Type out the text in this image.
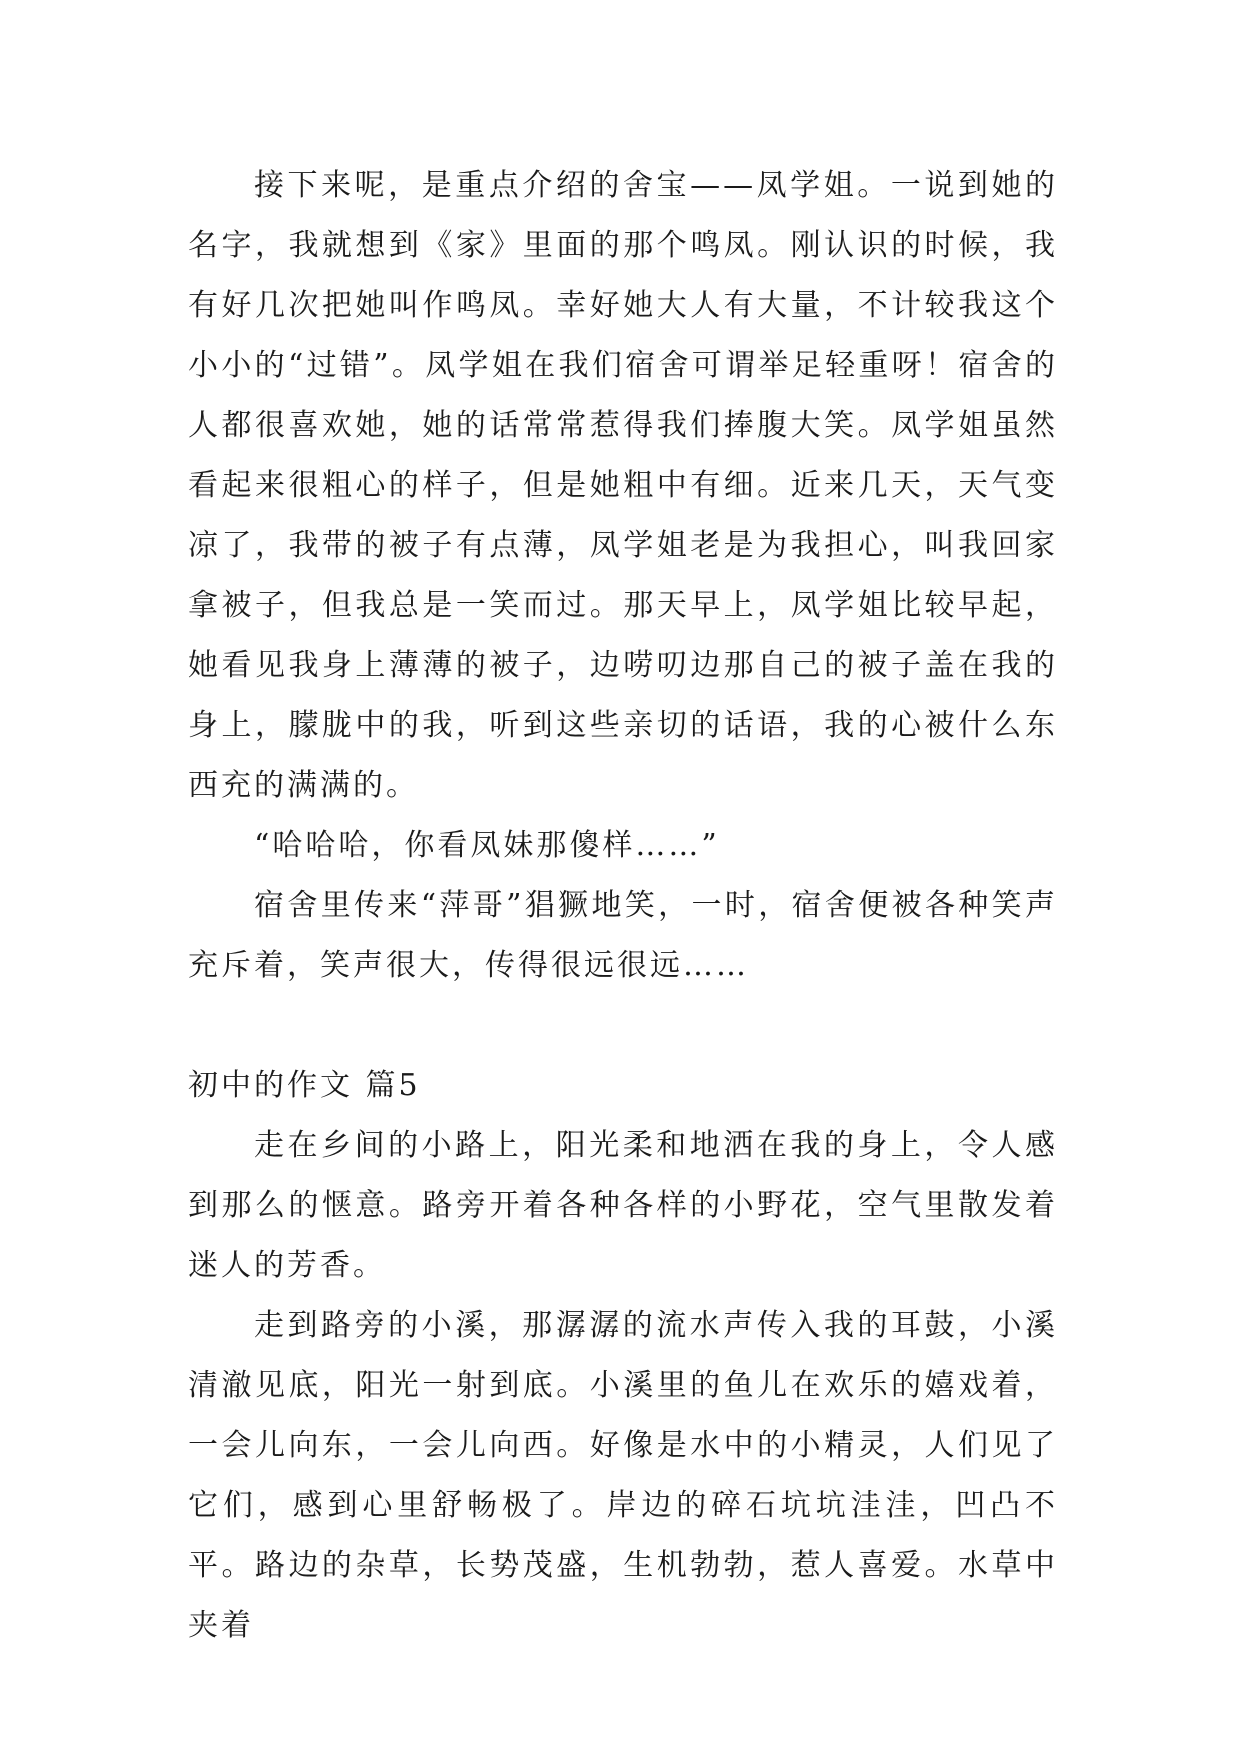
接下来呢，是重点介绍的舍宝——凤学姐。一说到她的名字，我就想到《家》里面的那个鸣凤。刚认识的时候，我有好几次把她叫作鸣凤。幸好她大人有大量，不计较我这个小小的“过错”。凤学姐在我们宿舍可谓举足轻重呀！宿舍的人都很喜欢她，她的话常常惹得我们捧腹大笑。凤学姐虽然看起来很粗心的样子，但是她粗中有细。近来几天，天气变凉了，我带的被子有点薄，凤学姐老是为我担心，叫我回家拿被子，但我总是一笑而过。那天早上，凤学姐比较早起，她看见我身上薄薄的被子，边唠叨边那自己的被子盖在我的身上，朦胧中的我，听到这些亲切的话语，我的心被什么东西充的满满的。

“哈哈哈，你看凤妹那傻样……”

宿舍里传来“萍哥”猖獗地笑，一时，宿舍便被各种笑声充斥着，笑声很大，传得很远很远……

初中的作文 篇5

走在乡间的小路上，阳光柔和地洒在我的身上，令人感到那么的惬意。路旁开着各种各样的小野花，空气里散发着迷人的芳香。

走到路旁的小溪，那潺潺的流水声传入我的耳鼓，小溪清澈见底，阳光一射到底。小溪里的鱼儿在欢乐的嬉戏着，一会儿向东，一会儿向西。好像是水中的小精灵，人们见了它们，感到心里舒畅极了。岸边的碎石坑坑洼洼，凹凸不平。路边的杂草，长势茂盛，生机勃勃，惹人喜爱。水草中夹着
